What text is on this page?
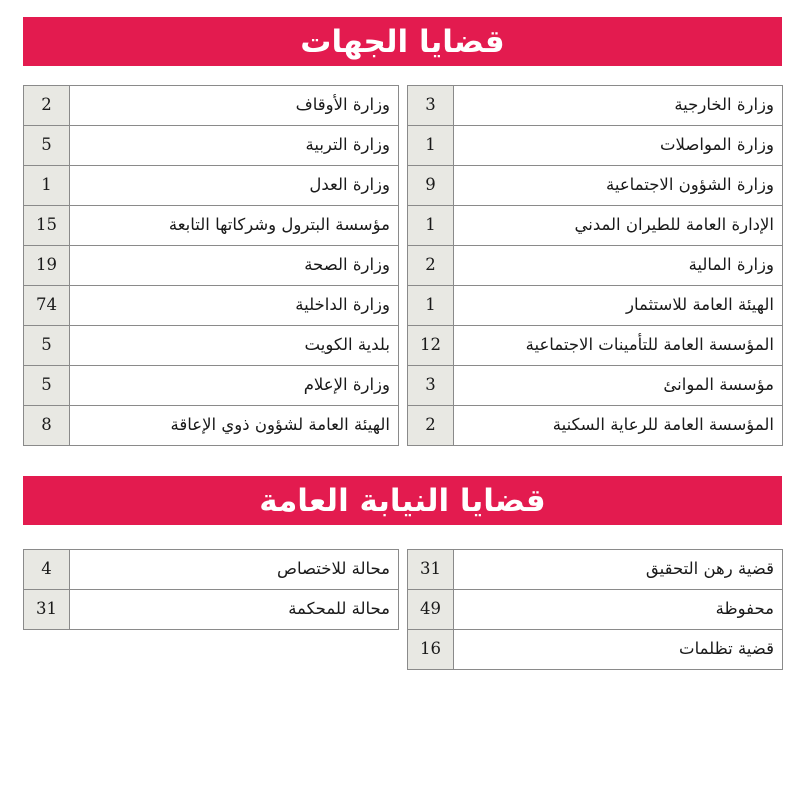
قضايا الجهات
وزارة الخارجية	3
وزارة المواصلات	1
وزارة الشؤون الاجتماعية	9
الإدارة العامة للطيران المدني	1
وزارة المالية	2
الهيئة العامة للاستثمار	1
المؤسسة العامة للتأمينات الاجتماعية	12
مؤسسة الموانئ	3
المؤسسة العامة للرعاية السكنية	2
وزارة الأوقاف	2
وزارة التربية	5
وزارة العدل	1
مؤسسة البترول وشركاتها التابعة	15
وزارة الصحة	19
وزارة الداخلية	74
بلدية الكويت	5
وزارة الإعلام	5
الهيئة العامة لشؤون ذوي الإعاقة	8
قضايا النيابة العامة
قضية رهن التحقيق	31
محفوظة	49
قضية تظلمات	16
محالة للاختصاص	4
محالة للمحكمة	31
